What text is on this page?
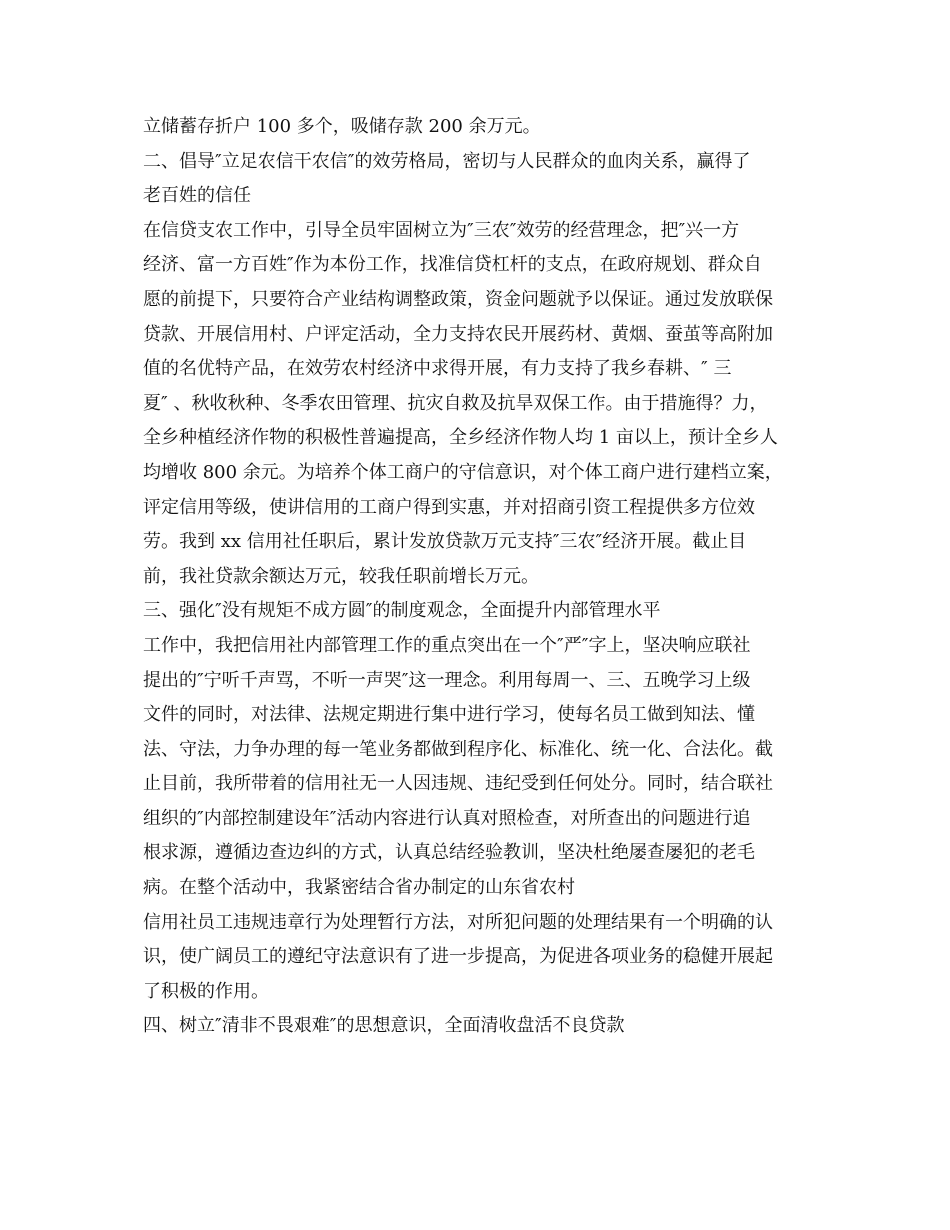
立储蓄存折户 100 多个，吸储存款 200 余万元。
二、倡导″立足农信干农信″的效劳格局，密切与人民群众的血肉关系，赢得了
老百姓的信任
在信贷支农工作中，引导全员牢固树立为″三农″效劳的经营理念，把″兴一方
经济、富一方百姓″作为本份工作，找准信贷杠杆的支点，在政府规划、群众自
愿的前提下，只要符合产业结构调整政策，资金问题就予以保证。通过发放联保
贷款、开展信用村、户评定活动，全力支持农民开展药材、黄烟、蚕茧等高附加
值的名优特产品，在效劳农村经济中求得开展，有力支持了我乡春耕、″ 三
夏″ 、秋收秋种、冬季农田管理、抗灾自救及抗旱双保工作。由于措施得？力，
全乡种植经济作物的积极性普遍提高，全乡经济作物人均 1 亩以上，预计全乡人
均增收 800 余元。为培养个体工商户的守信意识，对个体工商户进行建档立案，
评定信用等级，使讲信用的工商户得到实惠，并对招商引资工程提供多方位效
劳。我到 xx 信用社任职后，累计发放贷款万元支持″三农″经济开展。截止目
前，我社贷款余额达万元，较我任职前增长万元。
三、强化″没有规矩不成方圆″的制度观念，全面提升内部管理水平
工作中，我把信用社内部管理工作的重点突出在一个″严″字上，坚决响应联社
提出的″宁听千声骂，不听一声哭″这一理念。利用每周一、三、五晚学习上级
文件的同时，对法律、法规定期进行集中进行学习，使每名员工做到知法、懂
法、守法，力争办理的每一笔业务都做到程序化、标准化、统一化、合法化。截
止目前，我所带着的信用社无一人因违规、违纪受到任何处分。同时，结合联社
组织的″内部控制建设年″活动内容进行认真对照检查，对所查出的问题进行追
根求源，遵循边查边纠的方式，认真总结经验教训，坚决杜绝屡查屡犯的老毛
病。在整个活动中，我紧密结合省办制定的山东省农村
信用社员工违规违章行为处理暂行方法，对所犯问题的处理结果有一个明确的认
识，使广阔员工的遵纪守法意识有了进一步提高，为促进各项业务的稳健开展起
了积极的作用。
四、树立″清非不畏艰难″的思想意识，全面清收盘活不良贷款
